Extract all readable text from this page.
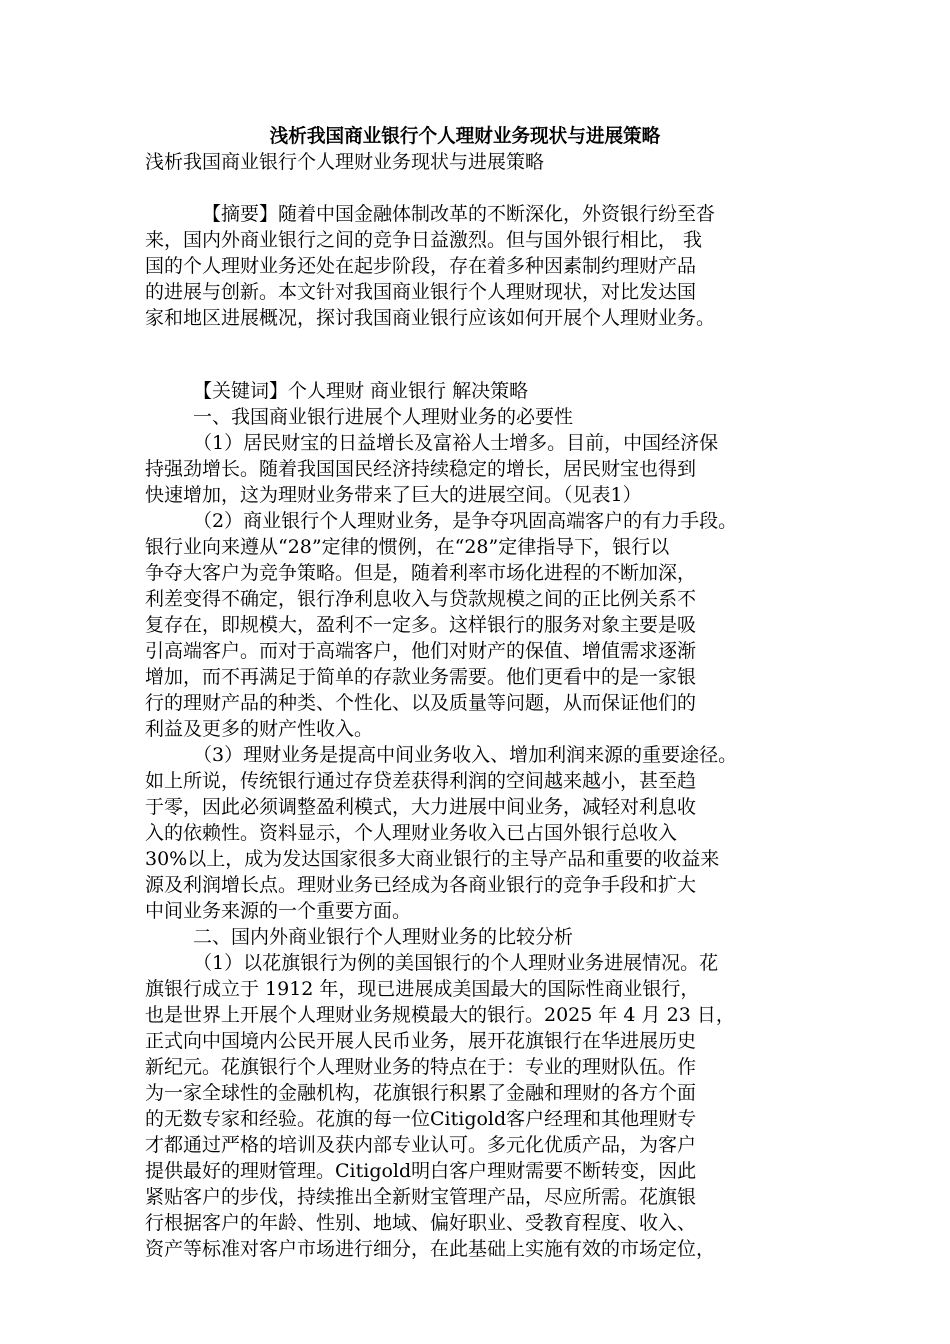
浅析我国商业银行个人理财业务现状与进展策略
浅析我国商业银行个人理财业务现状与进展策略
【摘要】随着中国金融体制改革的不断深化，外资银行纷至沓
来，国内外商业银行之间的竞争日益激烈。但与国外银行相比， 我
国的个人理财业务还处在起步阶段，存在着多种因素制约理财产品
的进展与创新。本文针对我国商业银行个人理财现状，对比发达国
家和地区进展概况，探讨我国商业银行应该如何开展个人理财业务。
【关键词】个人理财 商业银行 解决策略
一、我国商业银行进展个人理财业务的必要性
（1）居民财宝的日益增长及富裕人士增多。目前，中国经济保
持强劲增长。随着我国国民经济持续稳定的增长，居民财宝也得到
快速增加，这为理财业务带来了巨大的进展空间。（见表1）
（2）商业银行个人理财业务，是争夺巩固高端客户的有力手段。
银行业向来遵从“28”定律的惯例，在“28”定律指导下，银行以
争夺大客户为竞争策略。但是，随着利率市场化进程的不断加深，
利差变得不确定，银行净利息收入与贷款规模之间的正比例关系不
复存在，即规模大，盈利不一定多。这样银行的服务对象主要是吸
引高端客户。而对于高端客户，他们对财产的保值、增值需求逐渐
增加，而不再满足于简单的存款业务需要。他们更看中的是一家银
行的理财产品的种类、个性化、以及质量等问题，从而保证他们的
利益及更多的财产性收入。
（3）理财业务是提高中间业务收入、增加利润来源的重要途径。
如上所说，传统银行通过存贷差获得利润的空间越来越小，甚至趋
于零，因此必须调整盈利模式，大力进展中间业务，减轻对利息收
入的依赖性。资料显示，个人理财业务收入已占国外银行总收入
30%以上，成为发达国家很多大商业银行的主导产品和重要的收益来
源及利润增长点。理财业务已经成为各商业银行的竞争手段和扩大
中间业务来源的一个重要方面。
二、国内外商业银行个人理财业务的比较分析
（1）以花旗银行为例的美国银行的个人理财业务进展情况。花
旗银行成立于 1912 年，现已进展成美国最大的国际性商业银行，
也是世界上开展个人理财业务规模最大的银行。2025 年 4 月 23 日，
正式向中国境内公民开展人民币业务，展开花旗银行在华进展历史
新纪元。花旗银行个人理财业务的特点在于：专业的理财队伍。作
为一家全球性的金融机构，花旗银行积累了金融和理财的各方个面
的无数专家和经验。花旗的每一位Citigold客户经理和其他理财专
才都通过严格的培训及获内部专业认可。多元化优质产品，为客户
提供最好的理财管理。Citigold明白客户理财需要不断转变，因此
紧贴客户的步伐，持续推出全新财宝管理产品，尽应所需。花旗银
行根据客户的年龄、性别、地域、偏好职业、受教育程度、收入、
资产等标准对客户市场进行细分，在此基础上实施有效的市场定位，
